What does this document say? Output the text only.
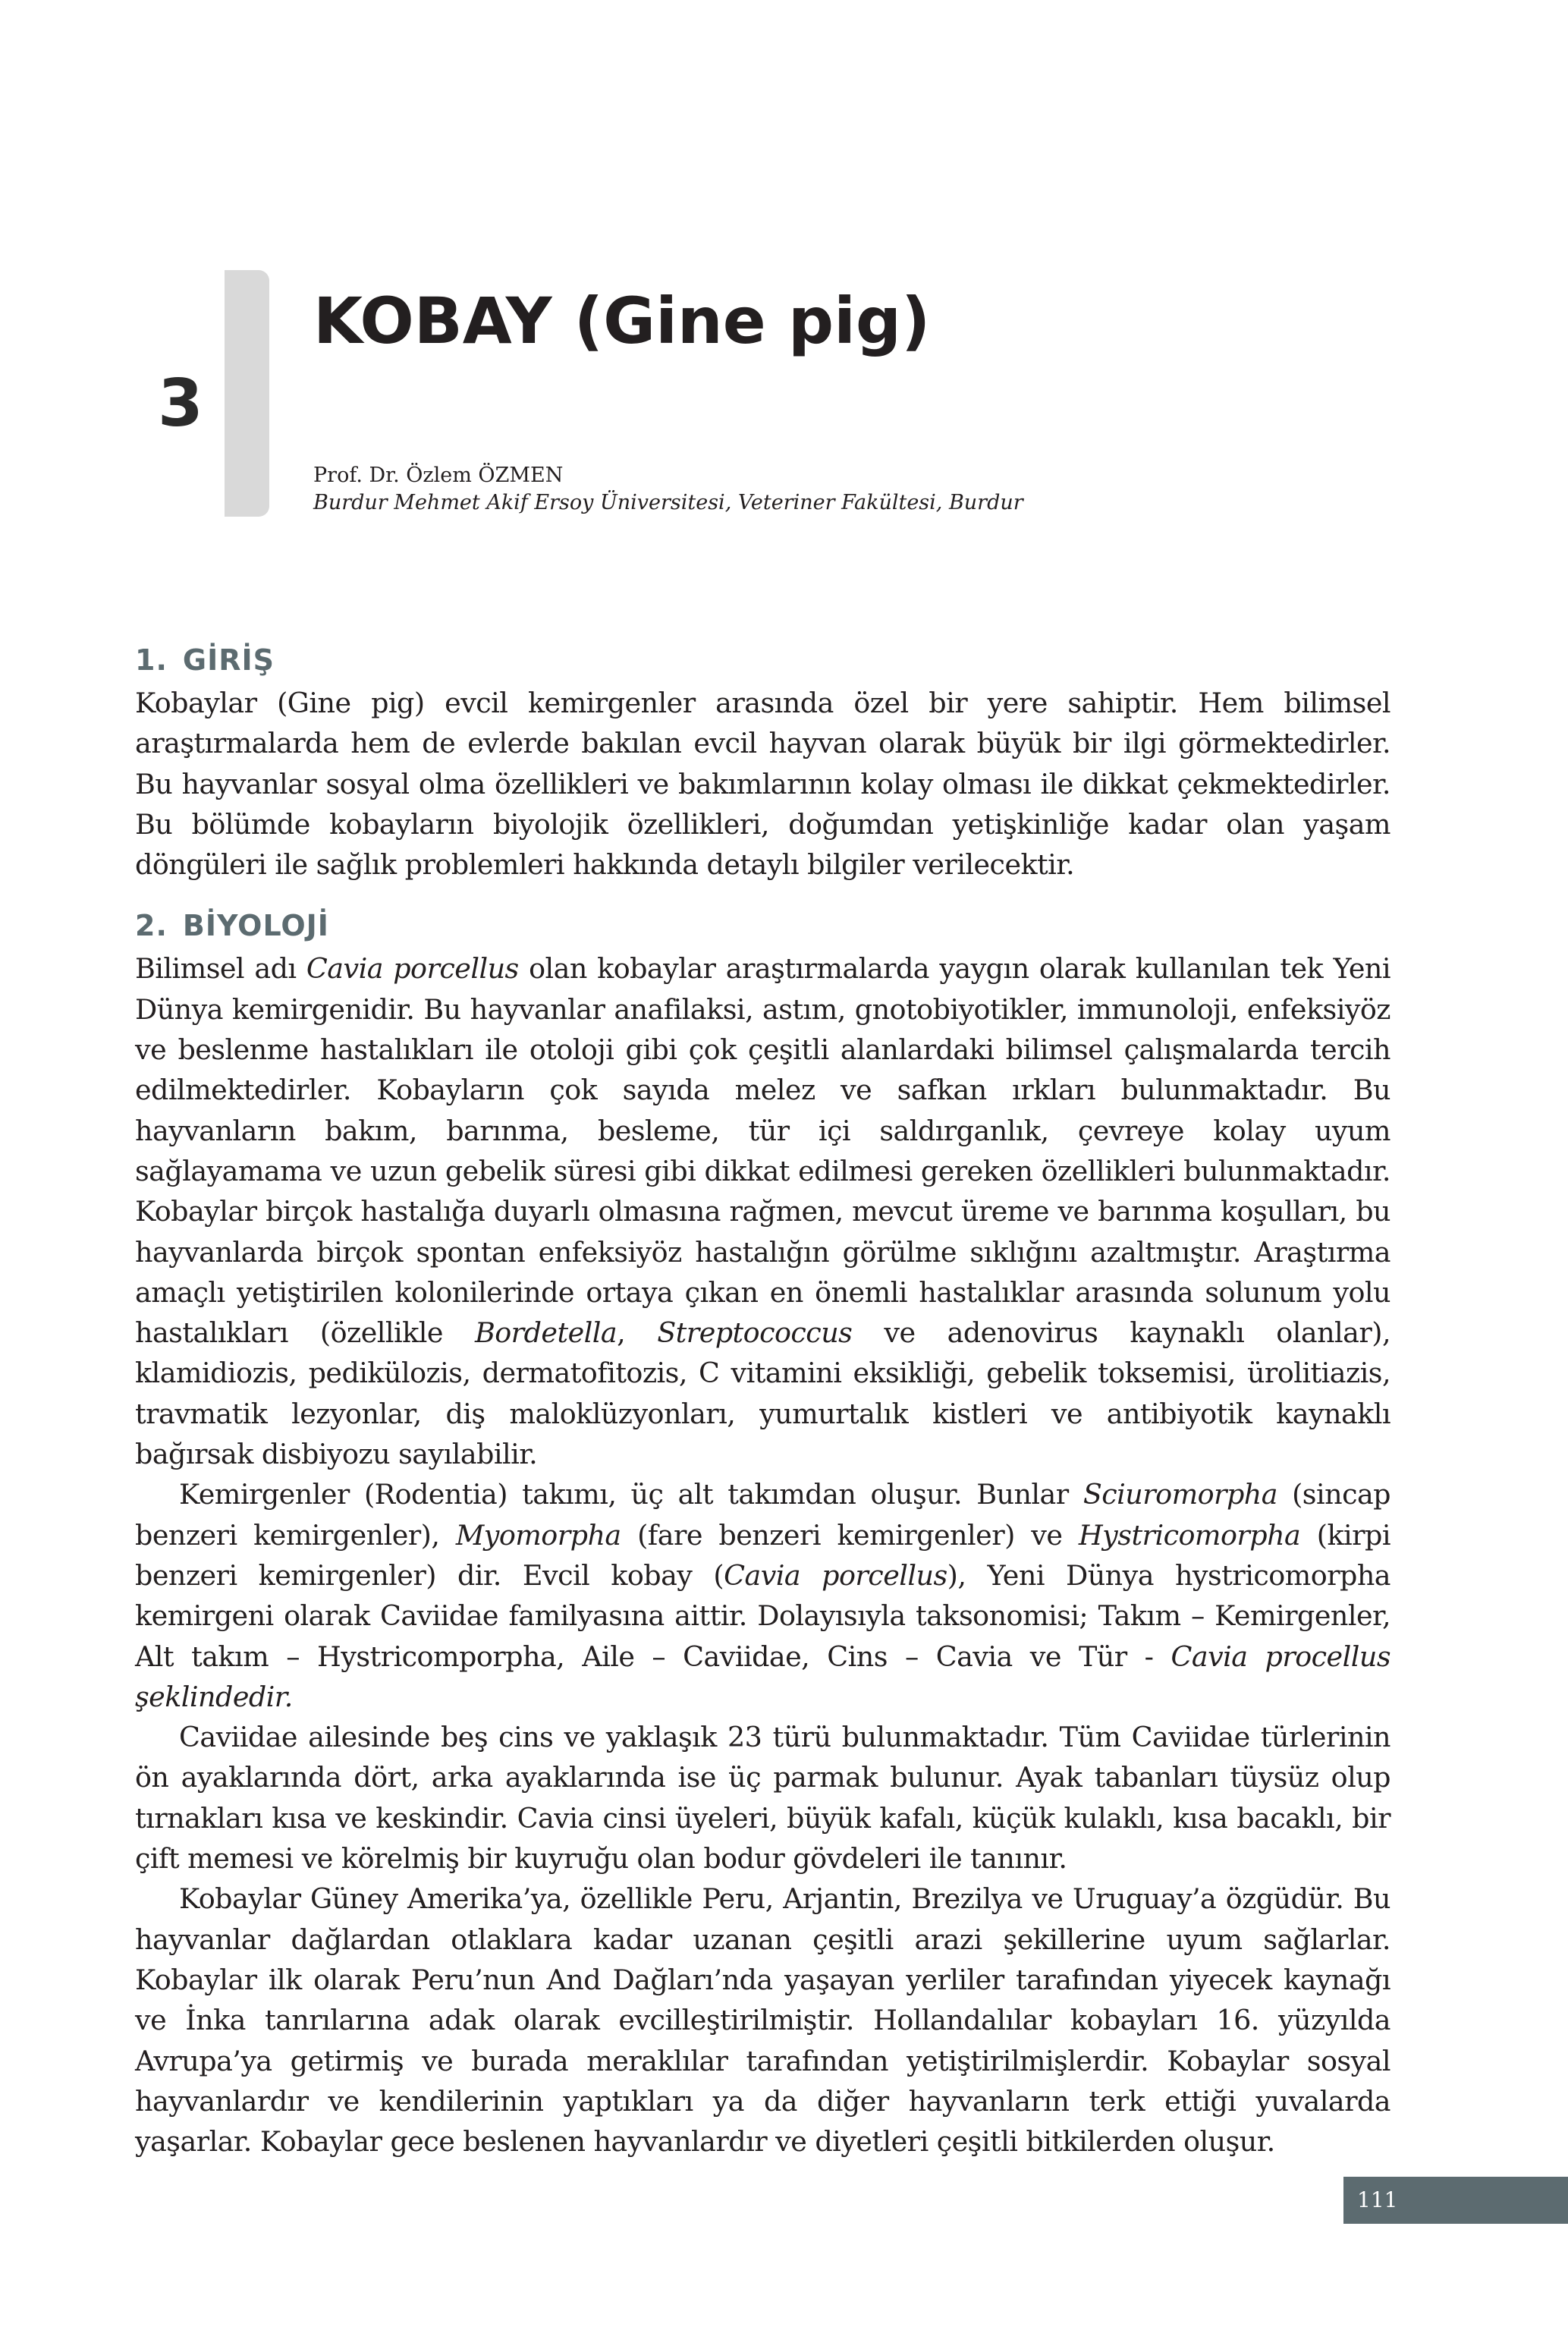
3
KOBAY (Gine pig)
Prof. Dr. Özlem ÖZMEN
Burdur Mehmet Akif Ersoy Üniversitesi, Veteriner Fakültesi, Burdur
1. GİRİŞ

Kobaylar (Gine pig) evcil kemirgenler arasında özel bir yere sahiptir. Hem bilimsel araştırmalarda hem de evlerde bakılan evcil hayvan olarak büyük bir ilgi görmektedirler. Bu hayvanlar sosyal olma özellikleri ve bakımlarının kolay olması ile dikkat çekmektedirler. Bu bölümde kobayların biyolojik özellikleri, doğumdan yetişkinliğe kadar olan yaşam döngüleri ile sağlık problemleri hakkında detaylı bilgiler verilecektir.

2. BİYOLOJİ

Bilimsel adı Cavia porcellus olan kobaylar araştırmalarda yaygın olarak kullanılan tek Yeni Dünya kemirgenidir. Bu hayvanlar anafilaksi, astım, gnotobiyotikler, immunoloji, enfeksiyöz ve beslenme hastalıkları ile otoloji gibi çok çeşitli alanlardaki bilimsel çalışmalarda tercih edilmektedirler. Kobayların çok sayıda melez ve safkan ırkları bulunmaktadır. Bu hayvanların bakım, barınma, besleme, tür içi saldırganlık, çevreye kolay uyum sağlayamama ve uzun gebelik süresi gibi dikkat edilmesi gereken özellikleri bulunmaktadır. Kobaylar birçok hastalığa duyarlı olmasına rağmen, mevcut üreme ve barınma koşulları, bu hayvanlarda birçok spontan enfeksiyöz hastalığın görülme sıklığını azaltmıştır. Araştırma amaçlı yetiştirilen kolonilerinde ortaya çıkan en önemli hastalıklar arasında solunum yolu hastalıkları (özellikle Bordetella, Streptococcus ve adenovirus kaynaklı olanlar), klamidiozis, pedikülozis, dermatofitozis, C vitamini eksikliği, gebelik toksemisi, ürolitiazis, travmatik lezyonlar, diş maloklüzyonları, yumurtalık kistleri ve antibiyotik kaynaklı bağırsak disbiyozu sayılabilir.

Kemirgenler (Rodentia) takımı, üç alt takımdan oluşur. Bunlar Sciuromorpha (sincap benzeri kemirgenler), Myomorpha (fare benzeri kemirgenler) ve Hystricomorpha (kirpi benzeri kemirgenler) dir. Evcil kobay (Cavia porcellus), Yeni Dünya hystricomorpha kemirgeni olarak Caviidae familyasına aittir. Dolayısıyla taksonomisi; Takım – Kemirgenler, Alt takım – Hystricomporpha, Aile – Caviidae, Cins – Cavia ve Tür - Cavia procellus şeklindedir.

Caviidae ailesinde beş cins ve yaklaşık 23 türü bulunmaktadır. Tüm Caviidae türlerinin ön ayaklarında dört, arka ayaklarında ise üç parmak bulunur. Ayak tabanları tüysüz olup tırnakları kısa ve keskindir. Cavia cinsi üyeleri, büyük kafalı, küçük kulaklı, kısa bacaklı, bir çift memesi ve körelmiş bir kuyruğu olan bodur gövdeleri ile tanınır.

Kobaylar Güney Amerika’ya, özellikle Peru, Arjantin, Brezilya ve Uruguay’a özgüdür. Bu hayvanlar dağlardan otlaklara kadar uzanan çeşitli arazi şekillerine uyum sağlarlar. Kobaylar ilk olarak Peru’nun And Dağları’nda yaşayan yerliler tarafından yiyecek kaynağı ve İnka tanrılarına adak olarak evcilleştirilmiştir. Hollandalılar kobayları 16. yüzyılda Avrupa’ya getirmiş ve burada meraklılar tarafından yetiştirilmişlerdir. Kobaylar sosyal hayvanlardır ve kendilerinin yaptıkları ya da diğer hayvanların terk ettiği yuvalarda yaşarlar. Kobaylar gece beslenen hayvanlardır ve diyetleri çeşitli bitkilerden oluşur.

111
